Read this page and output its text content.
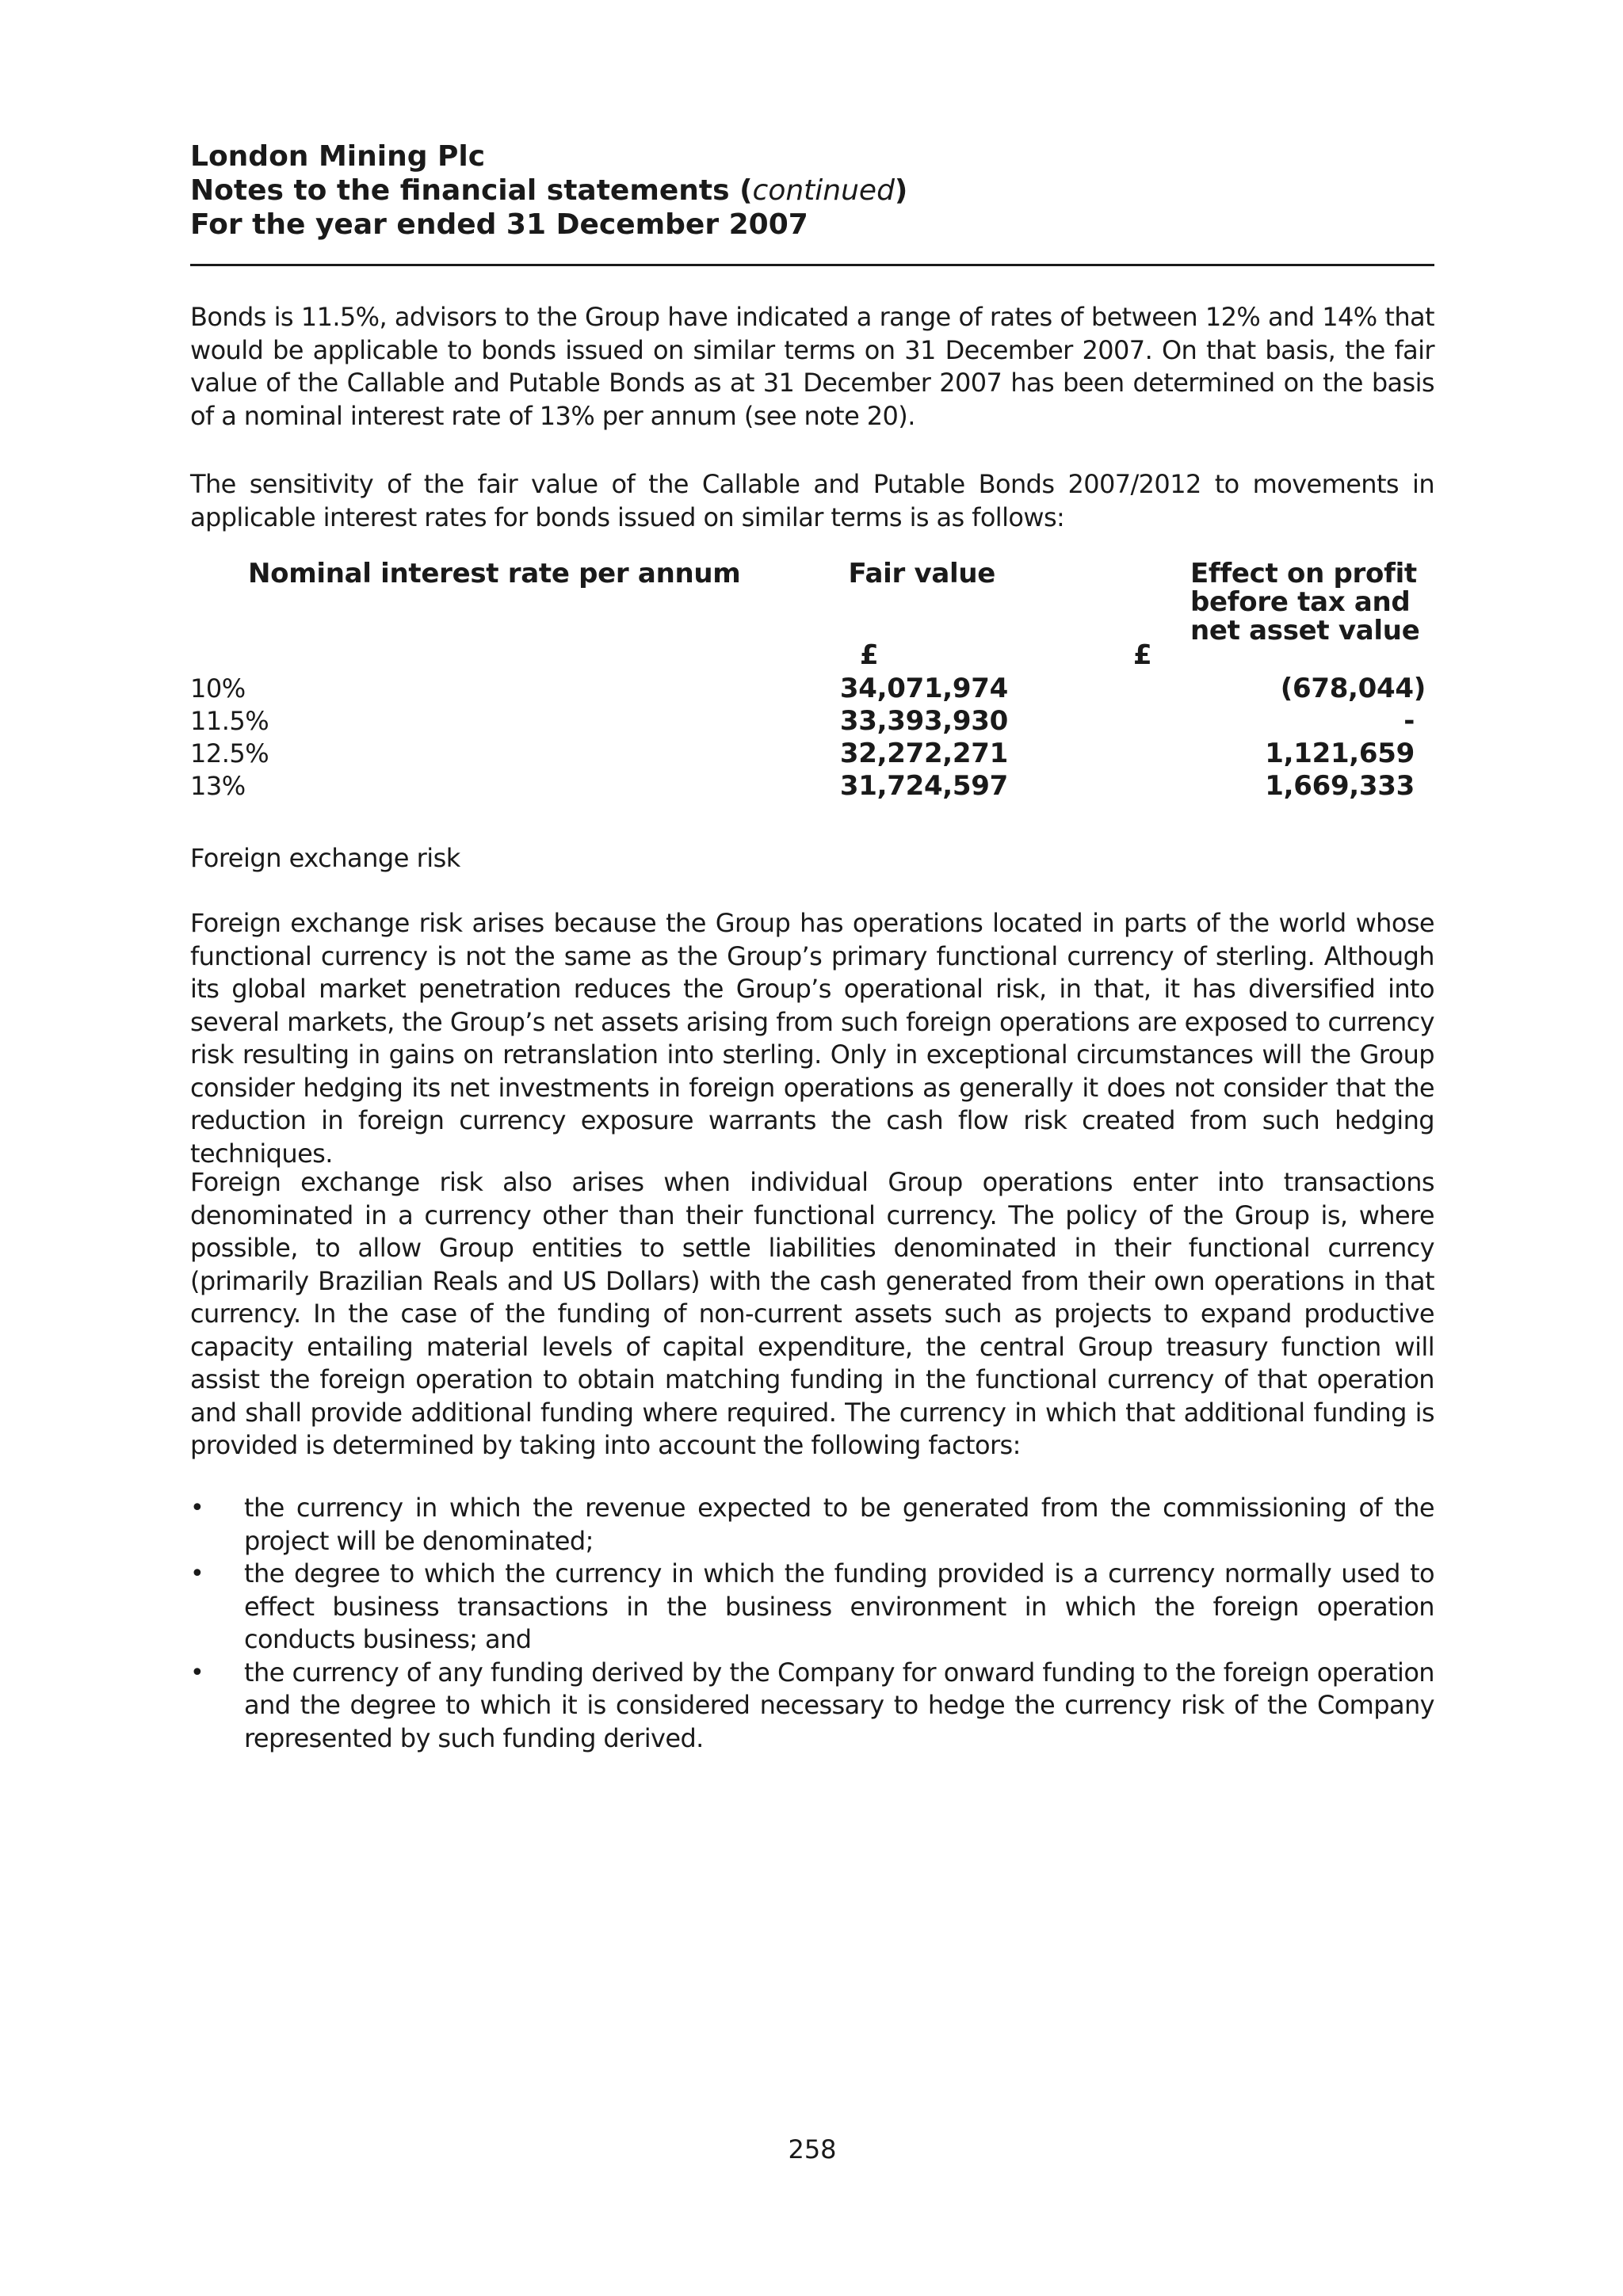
London Mining Plc
Notes to the financial statements (continued)
For the year ended 31 December 2007
Bonds is 11.5%, advisors to the Group have indicated a range of rates of between 12% and 14% that would be applicable to bonds issued on similar terms on 31 December 2007. On that basis, the fair value of the Callable and Putable Bonds as at 31 December 2007 has been determined on the basis of a nominal interest rate of 13% per annum (see note 20).
The sensitivity of the fair value of the Callable and Putable Bonds 2007/2012 to movements in applicable interest rates for bonds issued on similar terms is as follows:
Nominal interest rate per annum	Fair value	Effect on profit
before tax and
net asset value
£	£
10%	34,071,974	(678,044)
11.5%	33,393,930	-
12.5%	32,272,271	1,121,659
13%	31,724,597	1,669,333
Foreign exchange risk
Foreign exchange risk arises because the Group has operations located in parts of the world whose functional currency is not the same as the Group’s primary functional currency of sterling. Although its global market penetration reduces the Group’s operational risk, in that, it has diversified into several markets, the Group’s net assets arising from such foreign operations are exposed to currency risk resulting in gains on retranslation into sterling. Only in exceptional circumstances will the Group consider hedging its net investments in foreign operations as generally it does not consider that the reduction in foreign currency exposure warrants the cash flow risk created from such hedging techniques.
Foreign exchange risk also arises when individual Group operations enter into transactions denominated in a currency other than their functional currency. The policy of the Group is, where possible, to allow Group entities to settle liabilities denominated in their functional currency (primarily Brazilian Reals and US Dollars) with the cash generated from their own operations in that currency. In the case of the funding of non-current assets such as projects to expand productive capacity entailing material levels of capital expenditure, the central Group treasury function will assist the foreign operation to obtain matching funding in the functional currency of that operation and shall provide additional funding where required. The currency in which that additional funding is provided is determined by taking into account the following factors:
•	the currency in which the revenue expected to be generated from the commissioning of the project will be denominated;
•	the degree to which the currency in which the funding provided is a currency normally used to effect business transactions in the business environment in which the foreign operation conducts business; and
•	the currency of any funding derived by the Company for onward funding to the foreign operation and the degree to which it is considered necessary to hedge the currency risk of the Company represented by such funding derived.
258
